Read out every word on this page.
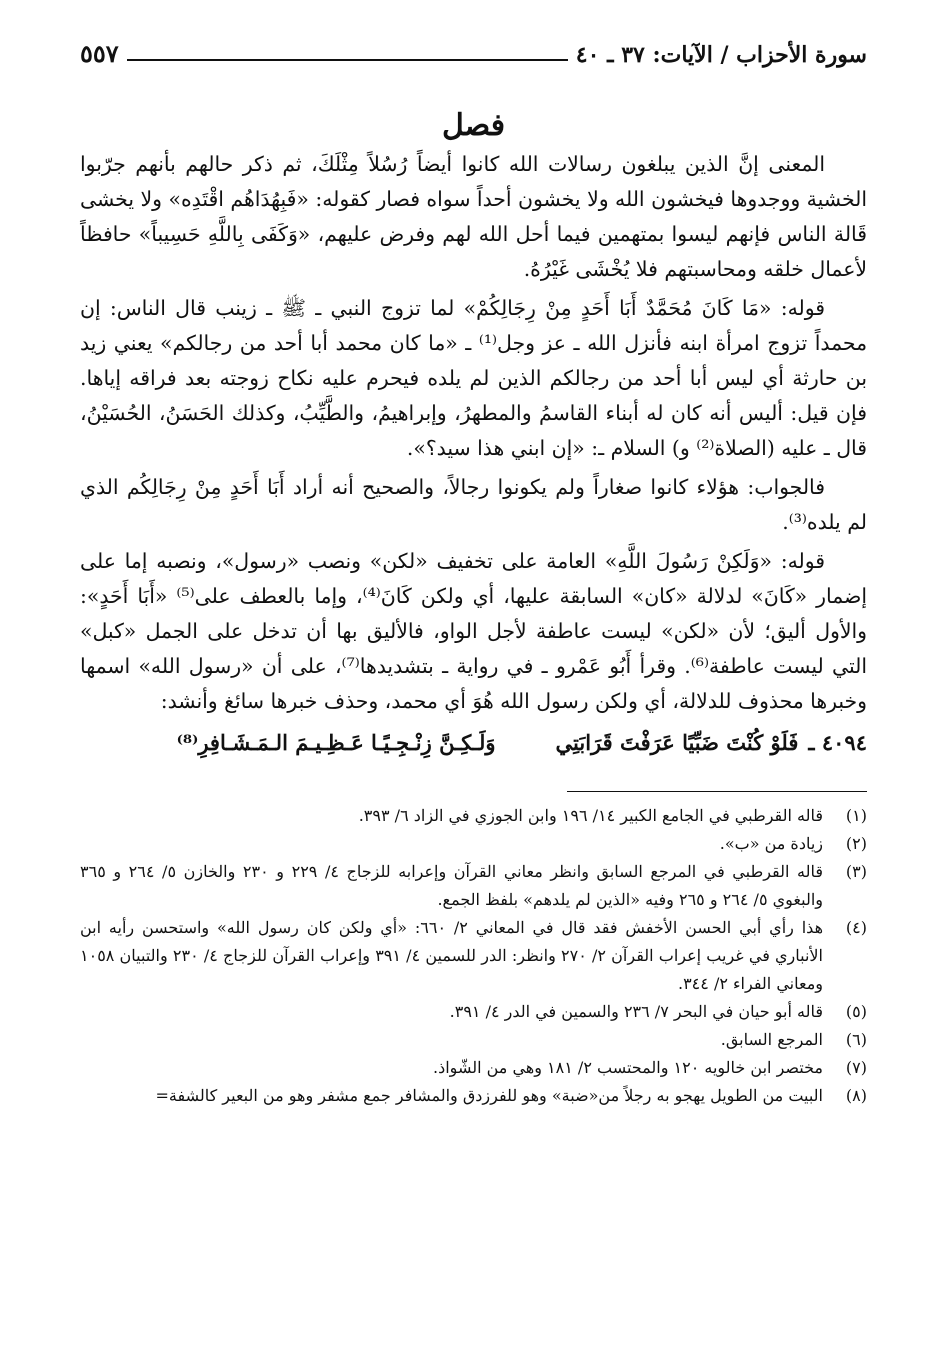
سورة الأحزاب / الآيات: ٣٧ ـ ٤٠
٥٥٧
فصل

المعنى إنَّ الذين يبلغون رسالات الله كانوا أيضاً رُسُلاً مِثْلَكَ، ثم ذكر حالهم بأنهم جرّبوا الخشية ووجدوها فيخشون الله ولا يخشون أحداً سواه فصار كقوله: «فَبِهُدَاهُم اقْتَدِه» ولا يخشى قَالة الناس فإنهم ليسوا بمتهمين فيما أحل الله لهم وفرض عليهم، «وَكَفَى بِاللَّهِ حَسِيباً» حافظاً لأعمال خلقه ومحاسبتهم فلا يُخْشَى غَيْرُهُ.

قوله: «مَا كَانَ مُحَمَّدٌ أَبَا أَحَدٍ مِنْ رِجَالِكُمْ» لما تزوج النبي ـ ﷺ ـ زينب قال الناس: إن محمداً تزوج امرأة ابنه فأنزل الله ـ عز وجل⁽¹⁾ ـ «ما كان محمد أبا أحد من رجالكم» يعني زيد بن حارثة أي ليس أبا أحد من رجالكم الذين لم يلده فيحرم عليه نكاح زوجته بعد فراقه إياها. فإن قيل: أليس أنه كان له أبناء القاسمُ والمطهرُ، وإبراهيمُ، والطَّيِّبُ، وكذلك الحَسَنُ، الحُسَيْنُ، قال ـ عليه (الصلاة⁽²⁾ و) السلام ـ: «إن ابني هذا سيد؟».

فالجواب: هؤلاء كانوا صغاراً ولم يكونوا رجالاً، والصحيح أنه أراد أَبَا أَحَدٍ مِنْ رِجَالِكُم الذي لم يلده⁽³⁾.

قوله: «وَلَكِنْ رَسُولَ اللَّهِ» العامة على تخفيف «لكن» ونصب «رسول»، ونصبه إما على إضمار «كَانَ» لدلالة «كان» السابقة عليها، أي ولكن كَانَ⁽⁴⁾، وإما بالعطف على⁽⁵⁾ «أَبَا أَحَدٍ»: والأول أليق؛ لأن «لكن» ليست عاطفة لأجل الواو، فالأليق بها أن تدخل على الجمل «كبل» التي ليست عاطفة⁽⁶⁾. وقرأ أَبُو عَمْرو ـ في رواية ـ بتشديدها⁽⁷⁾، على أن «رسول الله» اسمها وخبرها محذوف للدلالة، أي ولكن رسول الله هُوَ أي محمد، وحذف خبرها سائغ وأنشد:

٤٠٩٤ ـ
فَلَوْ كُنْتَ ضَبِّيًا عَرَفْتَ قَرَابَتِي
وَلَـكِـنَّ زِنْـجِـيًـا عَـظِـيـمَ الـمَـشَـافِرِ⁽⁸⁾
(١)
قاله القرطبي في الجامع الكبير ١٤/ ١٩٦ وابن الجوزي في الزاد ٦/ ٣٩٣.
(٢)
زيادة من «ب».
(٣)
قاله القرطبي في المرجع السابق وانظر معاني القرآن وإعرابه للزجاج ٤/ ٢٢٩ و ٢٣٠ والخازن ٥/ ٢٦٤ و ٣٦٥ والبغوي ٥/ ٢٦٤ و ٢٦٥ وفيه «الذين لم يلدهم» بلفظ الجمع.
(٤)
هذا رأي أبي الحسن الأخفش فقد قال في المعاني ٢/ ٦٦٠: «أي ولكن كان رسول الله» واستحسن رأيه ابن الأنباري في غريب إعراب القرآن ٢/ ٢٧٠ وانظر: الدر للسمين ٤/ ٣٩١ وإعراب القرآن للزجاج ٤/ ٢٣٠ والتبيان ١٠٥٨ ومعاني الفراء ٢/ ٣٤٤.
(٥)
قاله أبو حيان في البحر ٧/ ٢٣٦ والسمين في الدر ٤/ ٣٩١.
(٦)
المرجع السابق.
(٧)
مختصر ابن خالويه ١٢٠ والمحتسب ٢/ ١٨١ وهي من الشّواذ.
(٨)
البيت من الطويل يهجو به رجلاً من«ضبة» وهو للفرزدق والمشافر جمع مشفر وهو من البعير كالشفة=
